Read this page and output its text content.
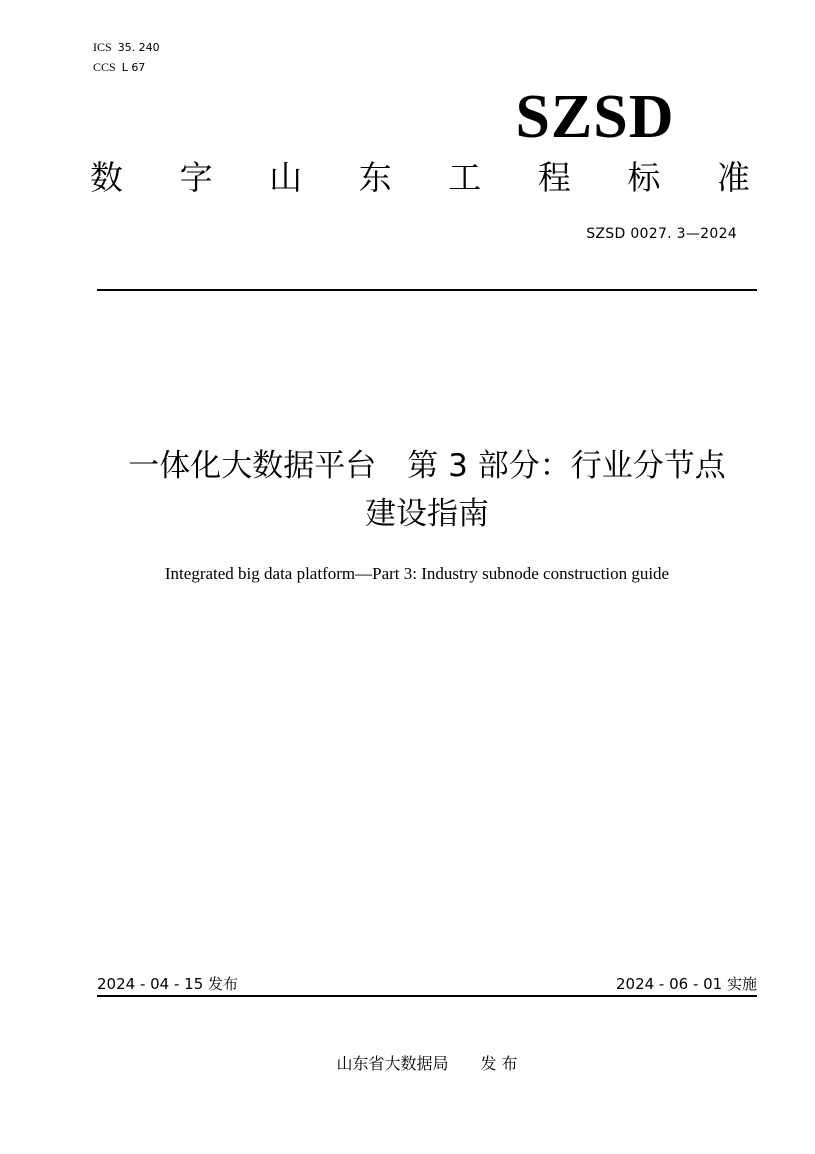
ICS 35. 240
CCS L 67
SZSD
数 字 山 东 工 程 标 准
SZSD 0027. 3—2024
一体化大数据平台　第 3 部分：行业分节点
建设指南
Integrated big data platform—Part 3: Industry subnode construction guide
2024 - 04 - 15 发布	2024 - 06 - 01 实施
山东省大数据局　　发 布
